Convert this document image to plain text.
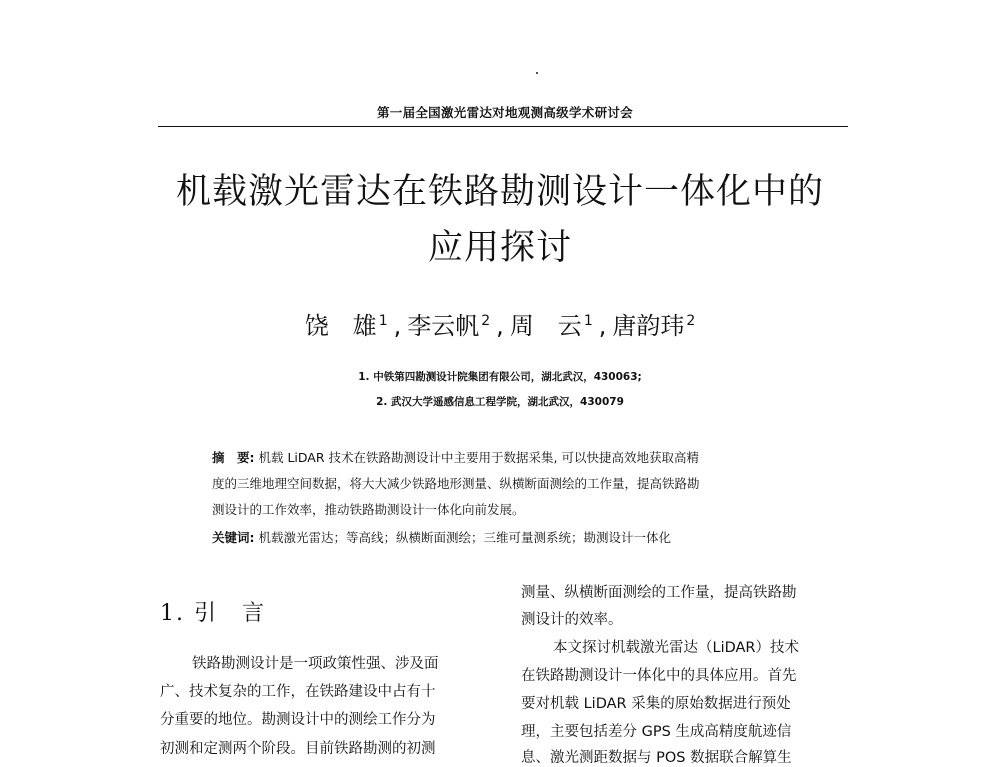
第一届全国激光雷达对地观测高级学术研讨会
机载激光雷达在铁路勘测设计一体化中的
应用探讨
饶　雄 $^1$ , 李云帆 $^2$ , 周　云 $^1$ , 唐韵玮 $^2$
1. 中铁第四勘测设计院集团有限公司，湖北武汉，430063;
2. 武汉大学遥感信息工程学院，湖北武汉，430079
摘　要: 机载 LiDAR 技术在铁路勘测设计中主要用于数据采集, 可以快捷高效地获取高精
度的三维地理空间数据，将大大减少铁路地形测量、纵横断面测绘的工作量，提高铁路勘
测设计的工作效率，推动铁路勘测设计一体化向前发展。
关键词: 机载激光雷达；等高线；纵横断面测绘；三维可量测系统；勘测设计一体化
1. 引　言
铁路勘测设计是一项政策性强、涉及面
广、技术复杂的工作，在铁路建设中占有十
分重要的地位。勘测设计中的测绘工作分为
初测和定测两个阶段。目前铁路勘测的初测
测量、纵横断面测绘的工作量，提高铁路勘
测设计的效率。
本文探讨机载激光雷达（LiDAR）技术
在铁路勘测设计一体化中的具体应用。首先
要对机载 LiDAR 采集的原始数据进行预处
理，主要包括差分 GPS 生成高精度航迹信
息、激光测距数据与 POS 数据联合解算生
